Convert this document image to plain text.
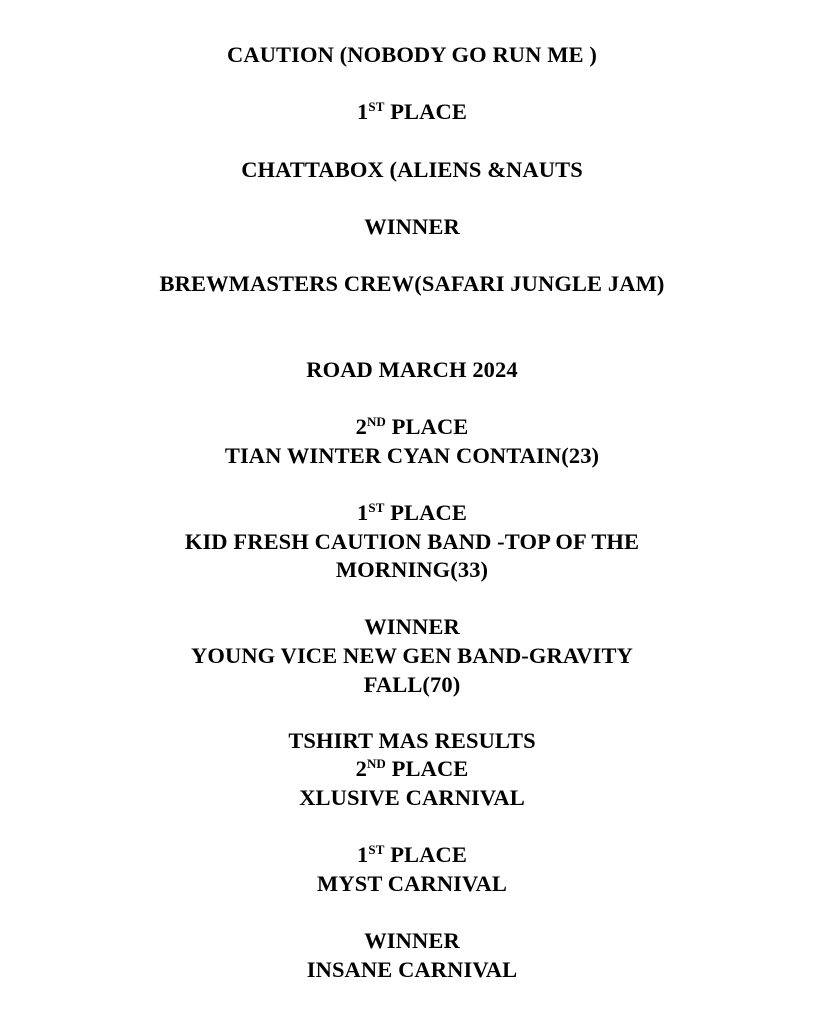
CAUTION (NOBODY GO RUN ME )
1ST PLACE
CHATTABOX (ALIENS &NAUTS
WINNER
BREWMASTERS CREW(SAFARI JUNGLE JAM)
ROAD MARCH 2024
2ND PLACE
TIAN WINTER CYAN CONTAIN(23)
1ST PLACE
KID FRESH CAUTION BAND -TOP OF THE
MORNING(33)
WINNER
YOUNG VICE NEW GEN BAND-GRAVITY
FALL(70)
TSHIRT MAS RESULTS
2ND PLACE
XLUSIVE CARNIVAL
1ST PLACE
MYST CARNIVAL
WINNER
INSANE CARNIVAL
